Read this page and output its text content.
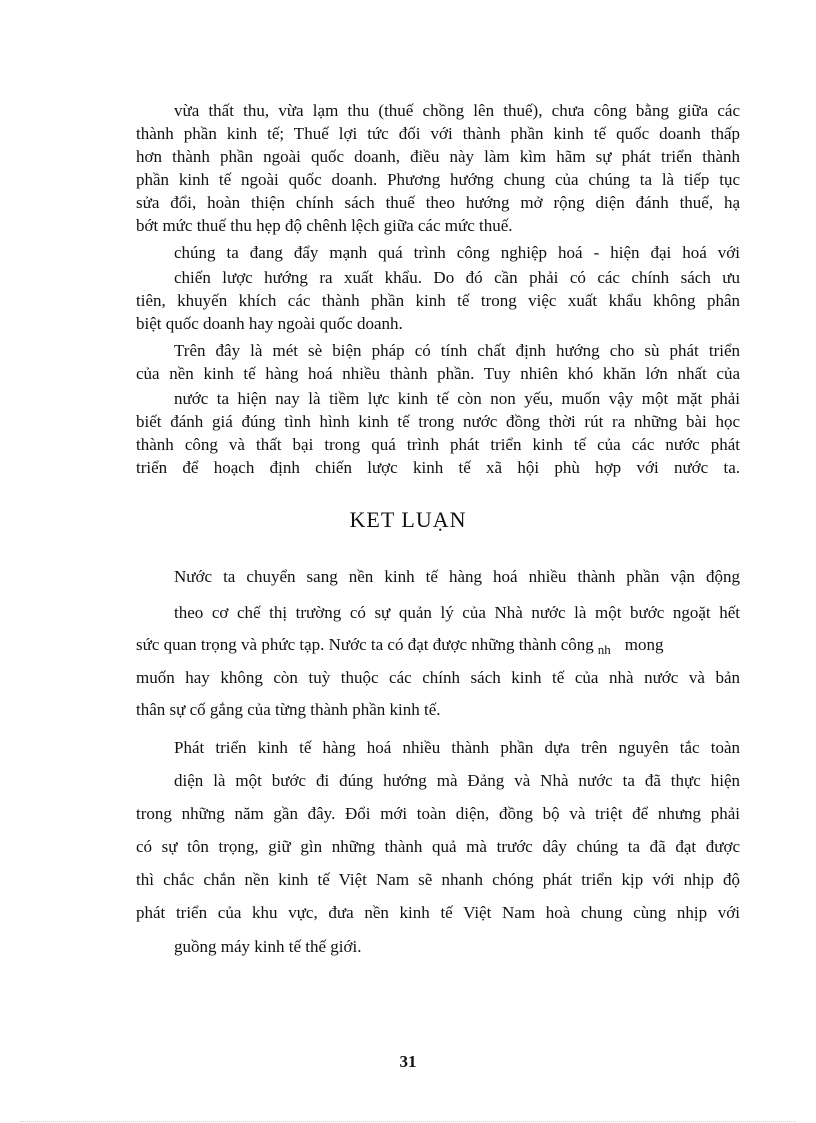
vừa thất thu, vừa lạm thu (thuế chồng lên thuế), chưa công bằng giữa các
thành phần kinh tế; Thuế lợi tức đối với thành phần kinh tế quốc doanh thấp
hơn thành phần ngoài quốc doanh, điều này làm kìm hãm sự phát triển thành
phần kinh tế ngoài quốc doanh. Phương hướng chung của chúng ta là tiếp tục
sửa đổi, hoàn thiện chính sách thuế theo hướng mở rộng diện đánh thuế, hạ
bớt mức thuế thu hẹp độ chênh lệch giữa các mức thuế.
chúng ta đang đẩy mạnh quá trình công nghiệp hoá - hiện đại hoá với
chiến lược hướng ra xuất khẩu. Do đó cần phải có các chính sách ưu
tiên, khuyến khích các thành phần kinh tế trong việc xuất khẩu không phân
biệt quốc doanh hay ngoài quốc doanh.
Trên đây là mét sè biện pháp có tính chất định hướng cho sù phát triển
của nền kinh tế hàng hoá nhiều thành phần. Tuy nhiên khó khăn lớn nhất của
nước ta hiện nay là tiềm lực kinh tế còn non yếu, muốn vậy một mặt phải
biết đánh giá đúng tình hình kinh tế trong nước đồng thời rút ra những bài học
thành công và thất bại trong quá trình phát triển kinh tế của các nước phát
triển để hoạch định chiến lược kinh tế xã hội phù hợp với nước ta.
KET LUẠN
Nước ta chuyển sang nền kinh tế hàng hoá nhiều thành phần vận động
theo cơ chế thị trường có sự quản lý của Nhà nước là một bước ngoặt hết
sức quan trọng và phức tạp. Nước ta có đạt được những thành công $_{nh}$ mong
muốn hay không còn tuỳ thuộc các chính sách kinh tế của nhà nước và bản
thân sự cố gắng của từng thành phần kinh tế.
Phát triển kinh tế hàng hoá nhiều thành phần dựa trên nguyên tắc toàn
diện là một bước đi đúng hướng mà Đảng và Nhà nước ta đã thực hiện
trong những năm gần đây. Đổi mới toàn diện, đồng bộ và triệt để nhưng phải
có sự tôn trọng, giữ gìn những thành quả mà trước dây chúng ta đã đạt được
thì chắc chắn nền kinh tế Việt Nam sẽ nhanh chóng phát triển kịp với nhịp độ
phát triển của khu vực, đưa nền kinh tế Việt Nam hoà chung cùng nhịp với
guồng máy kinh tế thế giới.
31
